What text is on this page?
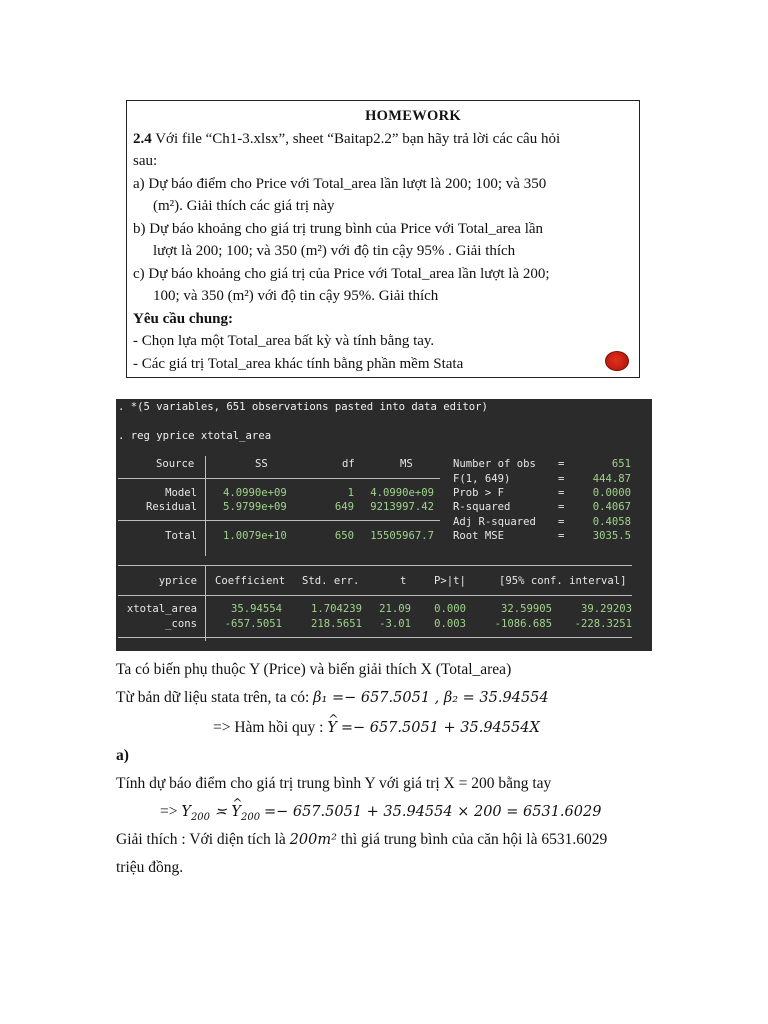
HOMEWORK
2.4 Với file “Ch1-3.xlsx”, sheet “Baitap2.2” bạn hãy trả lời các câu hỏi
sau:
a) Dự báo điểm cho Price với Total_area lần lượt là 200; 100; và 350
(m²). Giải thích các giá trị này
b) Dự báo khoảng cho giá trị trung bình của Price với Total_area lần
lượt là 200; 100; và 350 (m²) với độ tin cậy 95% . Giải thích
c) Dự báo khoảng cho giá trị của Price với Total_area lần lượt là 200;
100; và 350 (m²) với độ tin cậy 95%. Giải thích
Yêu cầu chung:
- Chọn lựa một Total_area bất kỳ và tính bằng tay.
- Các giá trị Total_area khác tính bằng phần mềm Stata
. *(5 variables, 651 observations pasted into data editor)
. reg yprice xtotal_area
Source	SS	df	MS
Model 4.0990e+09	1	4.0990e+09
Residual 5.9799e+09	649	9213997.42
Total 1.0079e+10	650	15505967.7
Number of obs =	651
F(1, 649)	=	444.87
Prob > F	=	0.0000
R-squared	=	0.4067
Adj R-squared =	0.4058
Root MSE	=	3035.5
yprice Coefficient Std. err.	t	P>|t|	[95% conf. interval]
xtotal_area	35.94554	1.704239	21.09	0.000	32.59905	39.29203
_cons	-657.5051	218.5651	-3.01	0.003	-1086.685	-228.3251
Ta có biến phụ thuộc Y (Price) và biến giải thích X (Total_area)
Từ bản dữ liệu stata trên, ta có: β₁ =− 657.5051 , β₂ = 35.94554
=> Hàm hồi quy : ^ Y =− 657.5051 + 35.94554X
a)
Tính dự báo điểm cho giá trị trung bình Y với giá trị X = 200 bằng tay
=> $Y_{200}$ ≍ ^ $Y_{200} =- 657.5051 + 35.94554 \times 200 = 6531.6029$
Giải thích : Với diện tích là 200m² thì giá trung bình của căn hội là 6531.6029
triệu đồng.
